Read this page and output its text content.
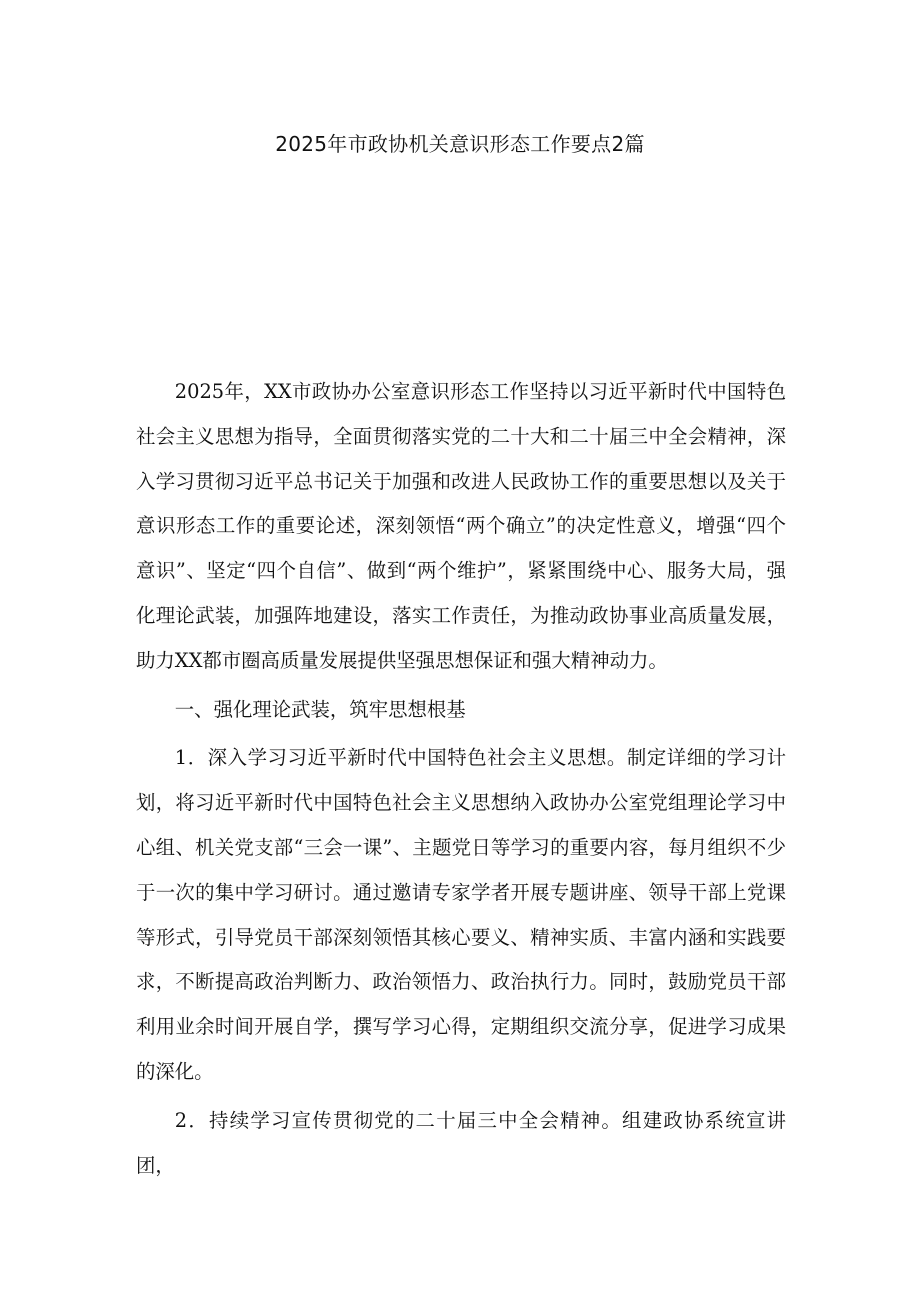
2025年市政协机关意识形态工作要点2篇

2025年，XX市政协办公室意识形态工作坚持以习近平新时代中国特色社会主义思想为指导，全面贯彻落实党的二十大和二十届三中全会精神，深入学习贯彻习近平总书记关于加强和改进人民政协工作的重要思想以及关于意识形态工作的重要论述，深刻领悟“两个确立”的决定性意义，增强“四个意识”、坚定“四个自信”、做到“两个维护”，紧紧围绕中心、服务大局，强化理论武装，加强阵地建设，落实工作责任，为推动政协事业高质量发展，助力XX都市圈高质量发展提供坚强思想保证和强大精神动力。

一、强化理论武装，筑牢思想根基

1．深入学习习近平新时代中国特色社会主义思想。制定详细的学习计划，将习近平新时代中国特色社会主义思想纳入政协办公室党组理论学习中心组、机关党支部“三会一课”、主题党日等学习的重要内容，每月组织不少于一次的集中学习研讨。通过邀请专家学者开展专题讲座、领导干部上党课等形式，引导党员干部深刻领悟其核心要义、精神实质、丰富内涵和实践要求，不断提高政治判断力、政治领悟力、政治执行力。同时，鼓励党员干部利用业余时间开展自学，撰写学习心得，定期组织交流分享，促进学习成果的深化。

2．持续学习宣传贯彻党的二十届三中全会精神。组建政协系统宣讲团，
